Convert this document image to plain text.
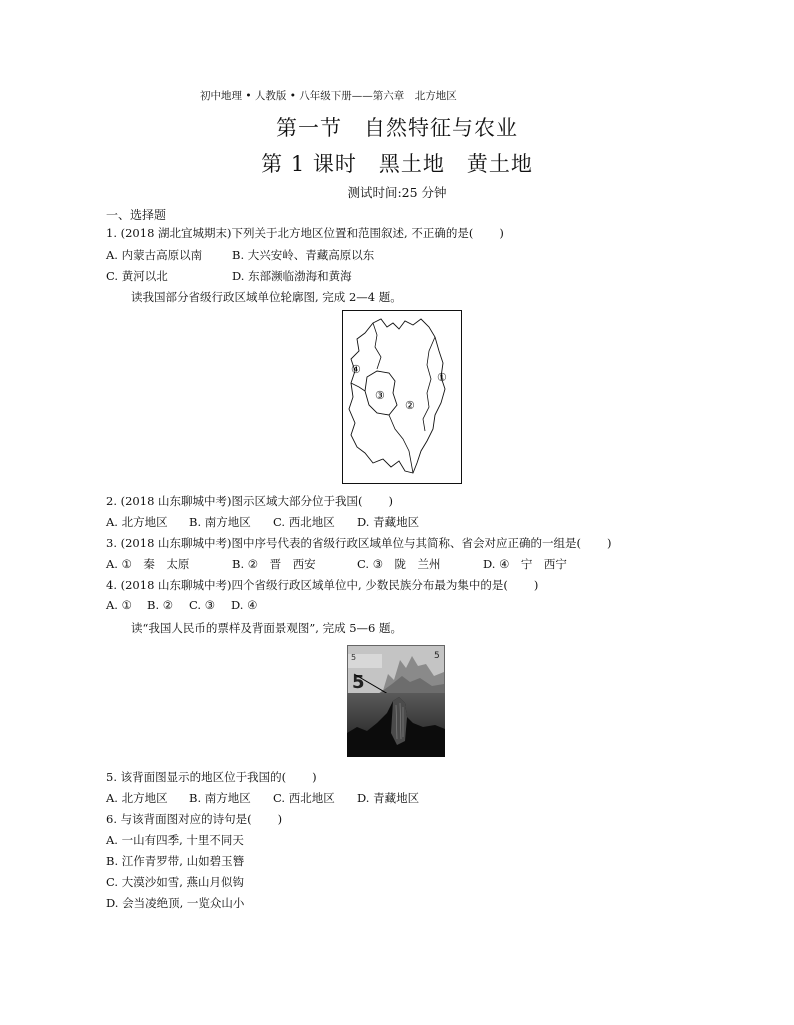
初中地理 • 人教版 • 八年级下册——第六章　北方地区
第一节　自然特征与农业
第 1 课时　黑土地　黄土地
测试时间:25 分钟
一、选择题
1. (2018 湖北宜城期末)下列关于北方地区位置和范围叙述, 不正确的是( )
A. 内蒙古高原以南	B. 大兴安岭、青藏高原以东
C. 黄河以北	D. 东部濒临渤海和黄海
读我国部分省级行政区域单位轮廓图, 完成 2—4 题。
①
②
③
④
2. (2018 山东聊城中考)图示区域大部分位于我国( )
A. 北方地区 B. 南方地区 C. 西北地区 D. 青藏地区
3. (2018 山东聊城中考)图中序号代表的省级行政区域单位与其简称、省会对应正确的一组是( )
A. ①　秦　太原	B. ②　晋　西安	C. ③　陇　兰州	D. ④　宁　西宁
4. (2018 山东聊城中考)四个省级行政区域单位中, 少数民族分布最为集中的是( )
A. ① B. ② C. ③ D. ④
读“我国人民币的票样及背面景观图”, 完成 5—6 题。
5
5
5
5. 该背面图显示的地区位于我国的( )
A. 北方地区 B. 南方地区 C. 西北地区 D. 青藏地区
6. 与该背面图对应的诗句是( )
A. 一山有四季, 十里不同天
B. 江作青罗带, 山如碧玉簪
C. 大漠沙如雪, 燕山月似钩
D. 会当凌绝顶, 一览众山小
